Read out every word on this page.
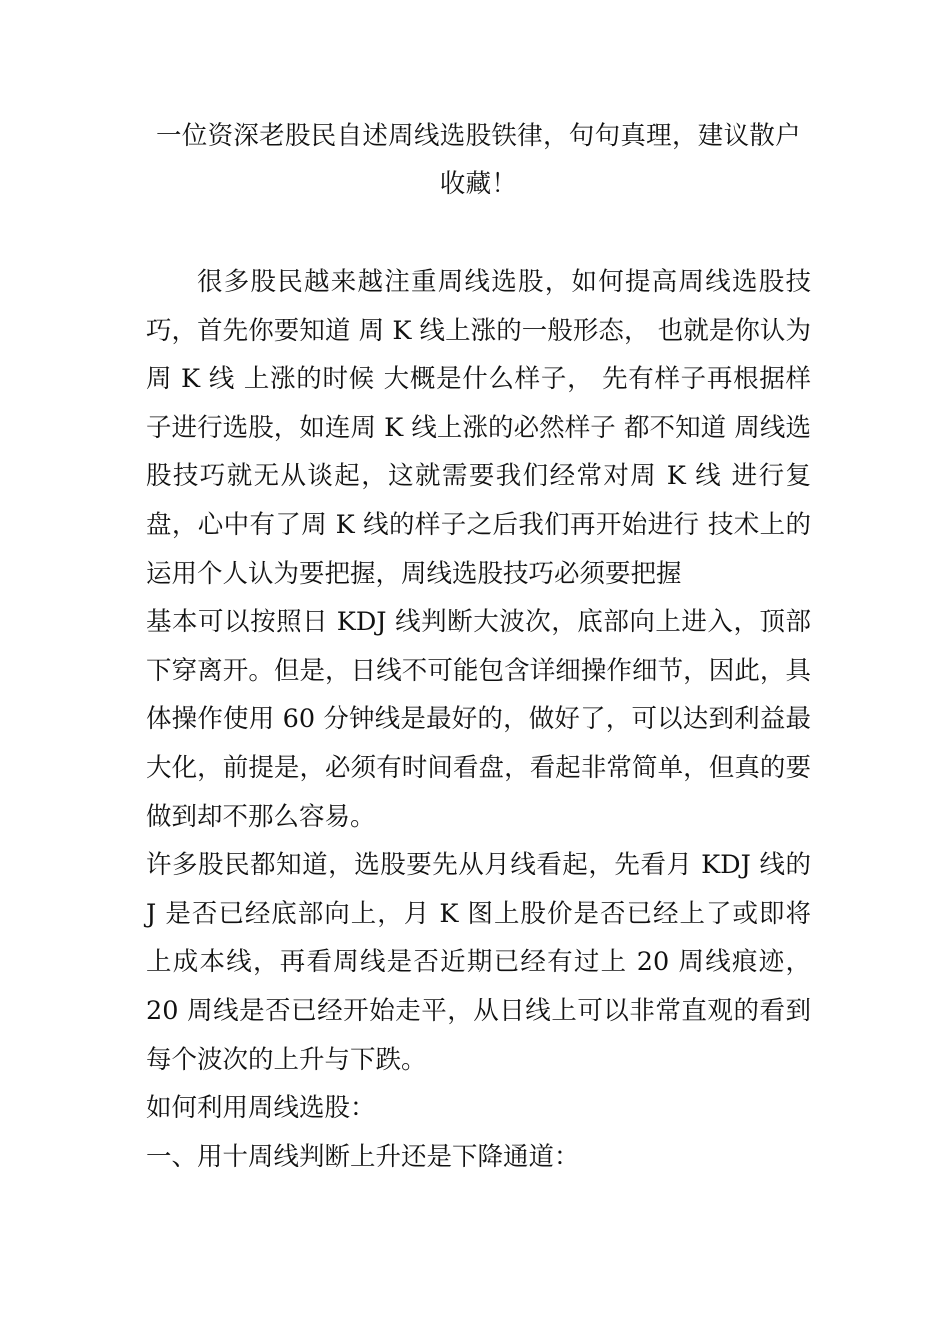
一位资深老股民自述周线选股铁律，句句真理，建议散户收藏！

很多股民越来越注重周线选股，如何提高周线选股技巧，首先你要知道 周 K 线上涨的一般形态， 也就是你认为周 K 线 上涨的时候 大概是什么样子， 先有样子再根据样子进行选股，如连周 K 线上涨的必然样子 都不知道 周线选股技巧就无从谈起，这就需要我们经常对周 K 线 进行复盘，心中有了周 K 线的样子之后我们再开始进行 技术上的运用个人认为要把握，周线选股技巧必须要把握

基本可以按照日 KDJ 线判断大波次，底部向上进入，顶部下穿离开。但是，日线不可能包含详细操作细节，因此，具体操作使用 60 分钟线是最好的，做好了，可以达到利益最大化，前提是，必须有时间看盘，看起非常简单，但真的要做到却不那么容易。

许多股民都知道，选股要先从月线看起，先看月 KDJ 线的 J 是否已经底部向上，月 K 图上股价是否已经上了或即将上成本线，再看周线是否近期已经有过上 20 周线痕迹，20 周线是否已经开始走平，从日线上可以非常直观的看到每个波次的上升与下跌。

如何利用周线选股：

一、用十周线判断上升还是下降通道：
